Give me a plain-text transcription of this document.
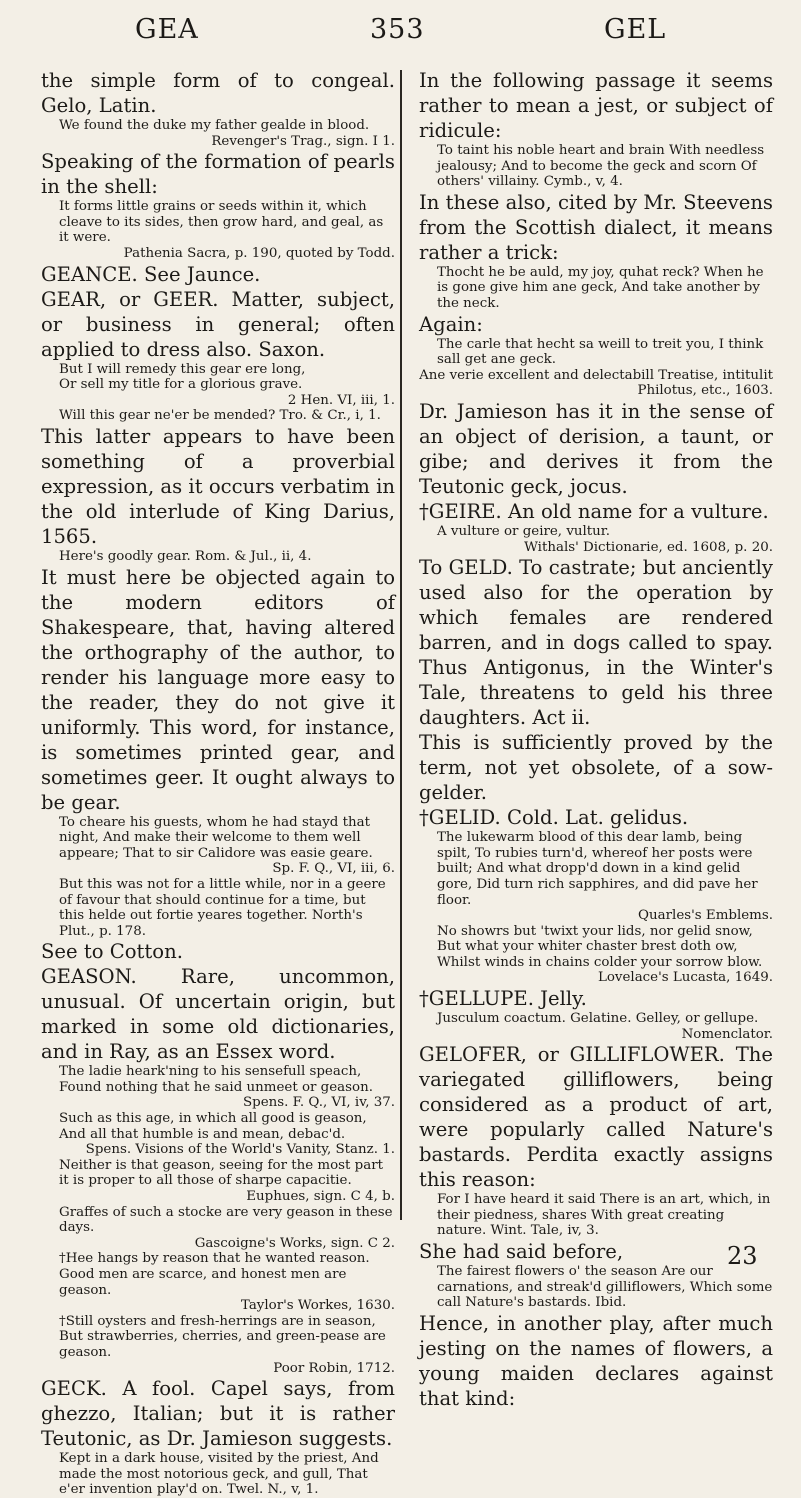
GEA	353	GEL

the simple form of to congeal. Gelo, Latin.

We found the duke my father gealde in blood.

Revenger's Trag., sign. I 1.

Speaking of the formation of pearls in the shell:

It forms little grains or seeds within it, which cleave to its sides, then grow hard, and geal, as it were.

Pathenia Sacra, p. 190, quoted by Todd.

GEANCE. See Jaunce.

GEAR, or GEER. Matter, subject, or business in general; often applied to dress also. Saxon.

But I will remedy this gear ere long,

Or sell my title for a glorious grave.

2 Hen. VI, iii, 1.

Will this gear ne'er be mended? Tro. & Cr., i, 1.

This latter appears to have been something of a proverbial expression, as it occurs verbatim in the old interlude of King Darius, 1565.

Here's goodly gear. Rom. & Jul., ii, 4.

It must here be objected again to the modern editors of Shakespeare, that, having altered the orthography of the author, to render his language more easy to the reader, they do not give it uniformly. This word, for instance, is sometimes printed gear, and sometimes geer. It ought always to be gear.

To cheare his guests, whom he had stayd that night, And make their welcome to them well appeare; That to sir Calidore was easie geare.

Sp. F. Q., VI, iii, 6.

But this was not for a little while, nor in a geere of favour that should continue for a time, but this helde out fortie yeares together. North's Plut., p. 178.

See to Cotton.

GEASON. Rare, uncommon, unusual. Of uncertain origin, but marked in some old dictionaries, and in Ray, as an Essex word.

The ladie heark'ning to his sensefull speach, Found nothing that he said unmeet or geason.

Spens. F. Q., VI, iv, 37.

Such as this age, in which all good is geason, And all that humble is and mean, debac'd.

Spens. Visions of the World's Vanity, Stanz. 1.

Neither is that geason, seeing for the most part it is proper to all those of sharpe capacitie.

Euphues, sign. C 4, b.

Graffes of such a stocke are very geason in these days.

Gascoigne's Works, sign. C 2.

†Hee hangs by reason that he wanted reason. Good men are scarce, and honest men are geason.

Taylor's Workes, 1630.

†Still oysters and fresh-herrings are in season, But strawberries, cherries, and green-pease are geason.

Poor Robin, 1712.

GECK. A fool. Capel says, from ghezzo, Italian; but it is rather Teutonic, as Dr. Jamieson suggests.

Kept in a dark house, visited by the priest, And made the most notorious geck, and gull, That e'er invention play'd on. Twel. N., v, 1.

In the following passage it seems rather to mean a jest, or subject of ridicule:

To taint his noble heart and brain With needless jealousy; And to become the geck and scorn Of others' villainy. Cymb., v, 4.

In these also, cited by Mr. Steevens from the Scottish dialect, it means rather a trick:

Thocht he be auld, my joy, quhat reck? When he is gone give him ane geck, And take another by the neck.

Again:

The carle that hecht sa weill to treit you, I think sall get ane geck.

Ane verie excellent and delectabill Treatise, intitulit Philotus, etc., 1603.

Dr. Jamieson has it in the sense of an object of derision, a taunt, or gibe; and derives it from the Teutonic geck, jocus.

†GEIRE. An old name for a vulture.

A vulture or geire, vultur.

Withals' Dictionarie, ed. 1608, p. 20.

To GELD. To castrate; but anciently used also for the operation by which females are rendered barren, and in dogs called to spay. Thus Antigonus, in the Winter's Tale, threatens to geld his three daughters. Act ii.

This is sufficiently proved by the term, not yet obsolete, of a sow-gelder.

†GELID. Cold. Lat. gelidus.

The lukewarm blood of this dear lamb, being spilt, To rubies turn'd, whereof her posts were built; And what dropp'd down in a kind gelid gore, Did turn rich sapphires, and did pave her floor.

Quarles's Emblems.

No showrs but 'twixt your lids, nor gelid snow, But what your whiter chaster brest doth ow, Whilst winds in chains colder your sorrow blow.

Lovelace's Lucasta, 1649.

†GELLUPE. Jelly.

Jusculum coactum. Gelatine. Gelley, or gellupe.

Nomenclator.

GELOFER, or GILLIFLOWER. The variegated gilliflowers, being considered as a product of art, were popularly called Nature's bastards. Perdita exactly assigns this reason:

For I have heard it said There is an art, which, in their piedness, shares With great creating nature. Wint. Tale, iv, 3.

She had said before,

The fairest flowers o' the season Are our carnations, and streak'd gilliflowers, Which some call Nature's bastards. Ibid.

Hence, in another play, after much jesting on the names of flowers, a young maiden declares against that kind:

23
